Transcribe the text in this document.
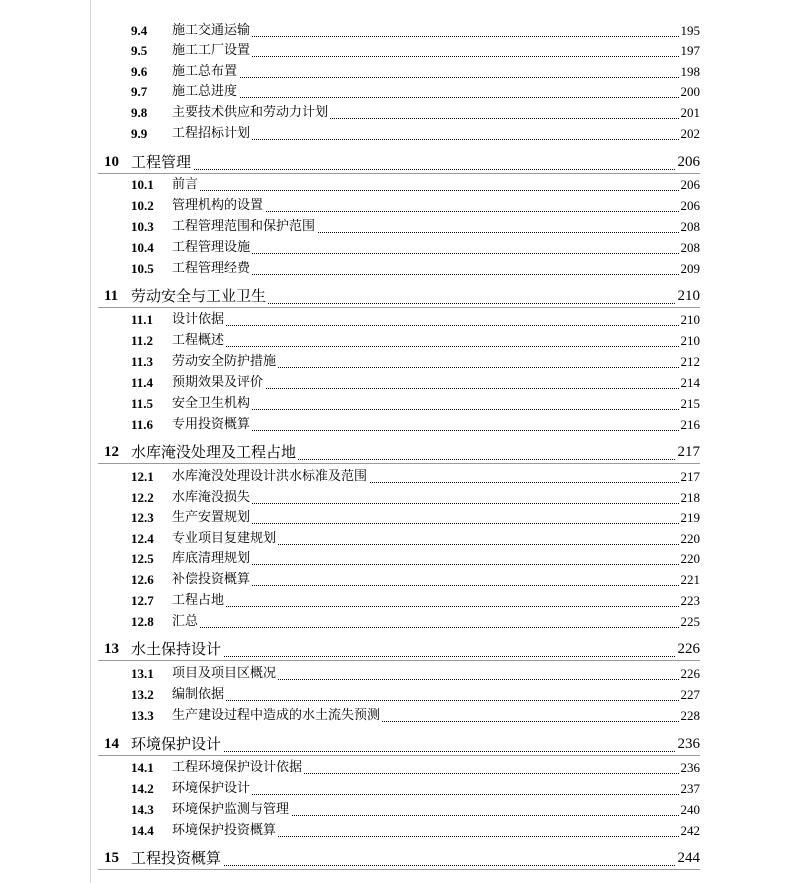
9.4 施工交通运输	195
9.5 施工工厂设置	197
9.6 施工总布置	198
9.7 施工总进度	200
9.8 主要技术供应和劳动力计划	201
9.9 工程招标计划	202
10 工程管理	206
10.1 前言	206
10.2 管理机构的设置	206
10.3 工程管理范围和保护范围	208
10.4 工程管理设施	208
10.5 工程管理经费	209
11 劳动安全与工业卫生	210
11.1 设计依据	210
11.2 工程概述	210
11.3 劳动安全防护措施	212
11.4 预期效果及评价	214
11.5 安全卫生机构	215
11.6 专用投资概算	216
12 水库淹没处理及工程占地	217
12.1 水库淹没处理设计洪水标准及范围	217
12.2 水库淹没损失	218
12.3 生产安置规划	219
12.4 专业项目复建规划	220
12.5 库底清理规划	220
12.6 补偿投资概算	221
12.7 工程占地	223
12.8 汇总	225
13 水土保持设计	226
13.1 项目及项目区概况	226
13.2 编制依据	227
13.3 生产建设过程中造成的水土流失预测	228
14 环境保护设计	236
14.1 工程环境保护设计依据	236
14.2 环境保护设计	237
14.3 环境保护监测与管理	240
14.4 环境保护投资概算	242
15 工程投资概算	244
